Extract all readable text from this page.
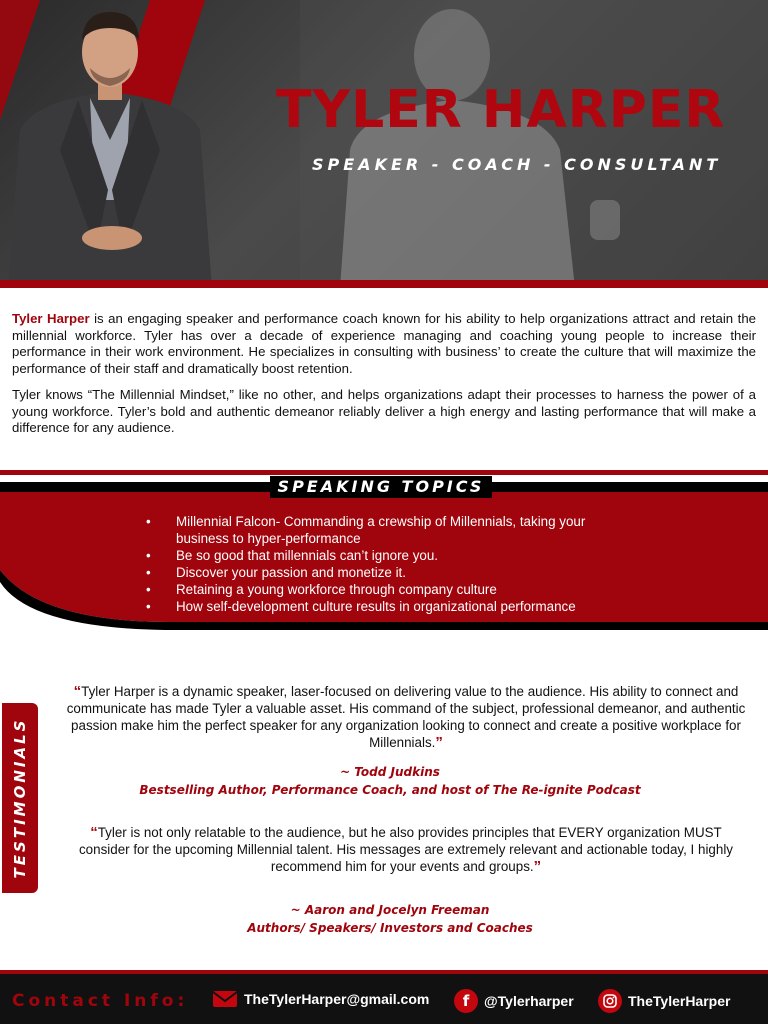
TYLER HARPER
SPEAKER - COACH - CONSULTANT

Tyler Harper is an engaging speaker and performance coach known for his ability to help organizations attract and retain the millennial workforce. Tyler has over a decade of experience managing and coaching young people to increase their performance in their work environment. He specializes in consulting with business’ to create the culture that will maximize the performance of their staff and dramatically boost retention.

Tyler knows “The Millennial Mindset,” like no other, and helps organizations adapt their processes to harness the power of a young workforce. Tyler’s bold and authentic demeanor reliably deliver a high energy and lasting performance that will make a difference for any audience.

SPEAKING TOPICS
• Millennial Falcon- Commanding a crewship of Millennials, taking your business to hyper-performance
• Be so good that millennials can’t ignore you.
• Discover your passion and monetize it.
• Retaining a young workforce through company culture
• How self-development culture results in organizational performance
TESTIMONIALS
“Tyler Harper is a dynamic speaker, laser-focused on delivering value to the audience. His ability to connect and communicate has made Tyler a valuable asset. His command of the subject, professional demeanor, and authentic passion make him the perfect speaker for any organization looking to connect and create a positive workplace for Millennials.”
~ Todd Judkins
Bestselling Author, Performance Coach, and host of The Re-ignite Podcast
“Tyler is not only relatable to the audience, but he also provides principles that EVERY organization MUST consider for the upcoming Millennial talent. His messages are extremely relevant and actionable today, I highly recommend him for your events and groups.”
~ Aaron and Jocelyn Freeman
Authors/ Speakers/ Investors and Coaches
Contact Info:	TheTylerHarper@gmail.com	f	@Tylerharper	TheTylerHarper
